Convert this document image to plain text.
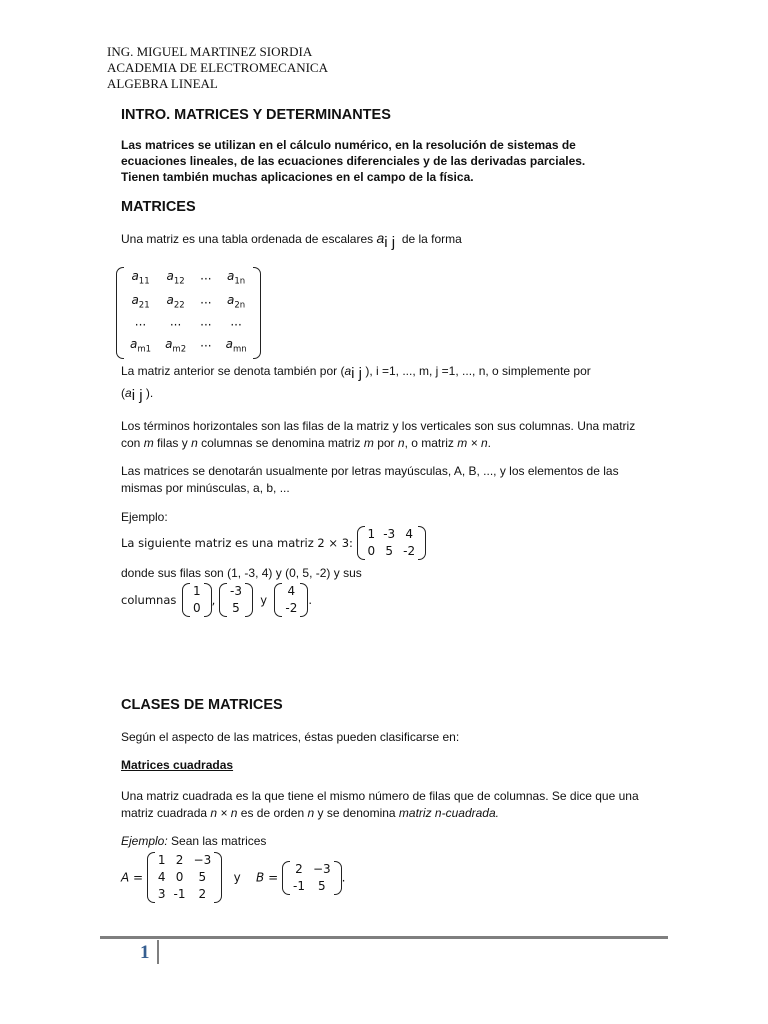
ING. MIGUEL MARTINEZ SIORDIA
ACADEMIA DE ELECTROMECANICA
ALGEBRA LINEAL
INTRO. MATRICES Y DETERMINANTES
Las matrices se utilizan en el cálculo numérico, en la resolución de sistemas de ecuaciones lineales, de las ecuaciones diferenciales y de las derivadas parciales. Tienen también muchas aplicaciones en el campo de la física.
MATRICES
Una matriz es una tabla ordenada de escalares ai j de la forma
$a_{11}$	$a_{12}$	···	$a_{1n}$
$a_{21}$	$a_{22}$	···	$a_{2n}$
···	···	···	···
$a_{m1}$	$a_{m2}$	···	$a_{mn}$
La matriz anterior se denota también por (ai j ), i =1, ..., m, j =1, ..., n, o simplemente por
(ai j ).
Los términos horizontales son las filas de la matriz y los verticales son sus columnas. Una matriz con m filas y n columnas se denomina matriz m por n, o matriz m × n.
Las matrices se denotarán usualmente por letras mayúsculas, A, B, ..., y los elementos de las mismas por minúsculas, a, b, ...
Ejemplo:
La siguiente matriz es una matriz 2 × 3:
1	-3	4
0	5	-2
donde sus filas son (1, -3, 4) y (0, 5, -2) y sus
columnas
1
0
,
-3
5
y
4
-2
.
CLASES DE MATRICES
Según el aspecto de las matrices, éstas pueden clasificarse en:
Matrices cuadradas
Una matriz cuadrada es la que tiene el mismo número de filas que de columnas. Se dice que una matriz cuadrada n × n es de orden n y se denomina matriz n-cuadrada.
Ejemplo: Sean las matrices
A =
1	2	−3
4	0	5
3	-1	2
y B =
2	−3
-1	5
.
1
